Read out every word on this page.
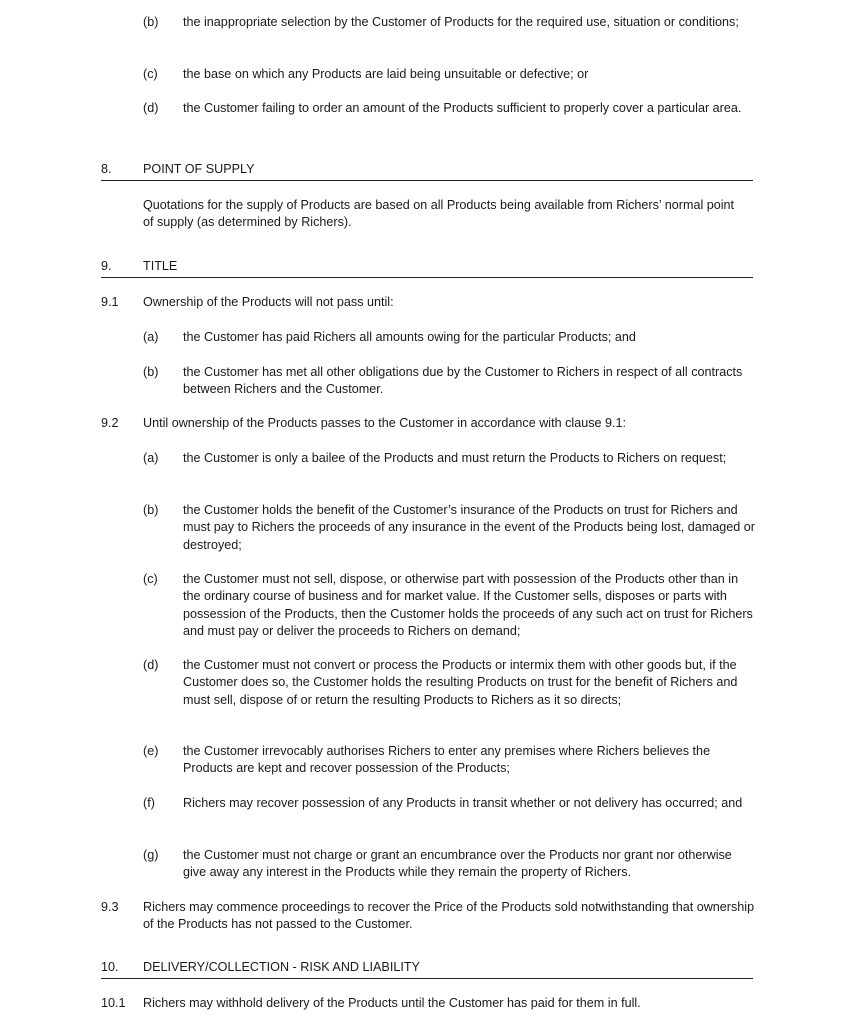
(b)	the inappropriate selection by the Customer of Products for the required use, situation or conditions;
(c)	the base on which any Products are laid being unsuitable or defective; or
(d)	the Customer failing to order an amount of the Products sufficient to properly cover a particular area.
8. POINT OF SUPPLY
Quotations for the supply of Products are based on all Products being available from Richers’ normal point of supply (as determined by Richers).
9. TITLE
9.1	Ownership of the Products will not pass until:
(a)	the Customer has paid Richers all amounts owing for the particular Products; and
(b)	the Customer has met all other obligations due by the Customer to Richers in respect of all contracts between Richers and the Customer.
9.2	Until ownership of the Products passes to the Customer in accordance with clause 9.1:
(a)	the Customer is only a bailee of the Products and must return the Products to Richers on request;
(b)	the Customer holds the benefit of the Customer’s insurance of the Products on trust for Richers and must pay to Richers the proceeds of any insurance in the event of the Products being lost, damaged or destroyed;
(c)	the Customer must not sell, dispose, or otherwise part with possession of the Products other than in the ordinary course of business and for market value. If the Customer sells, disposes or parts with possession of the Products, then the Customer holds the proceeds of any such act on trust for Richers and must pay or deliver the proceeds to Richers on demand;
(d)	the Customer must not convert or process the Products or intermix them with other goods but, if the Customer does so, the Customer holds the resulting Products on trust for the benefit of Richers and must sell, dispose of or return the resulting Products to Richers as it so directs;
(e)	the Customer irrevocably authorises Richers to enter any premises where Richers believes the Products are kept and recover possession of the Products;
(f)	Richers may recover possession of any Products in transit whether or not delivery has occurred; and
(g)	the Customer must not charge or grant an encumbrance over the Products nor grant nor otherwise give away any interest in the Products while they remain the property of Richers.
9.3	Richers may commence proceedings to recover the Price of the Products sold notwithstanding that ownership of the Products has not passed to the Customer.
10. DELIVERY/COLLECTION - RISK AND LIABILITY
10.1	Richers may withhold delivery of the Products until the Customer has paid for them in full.
